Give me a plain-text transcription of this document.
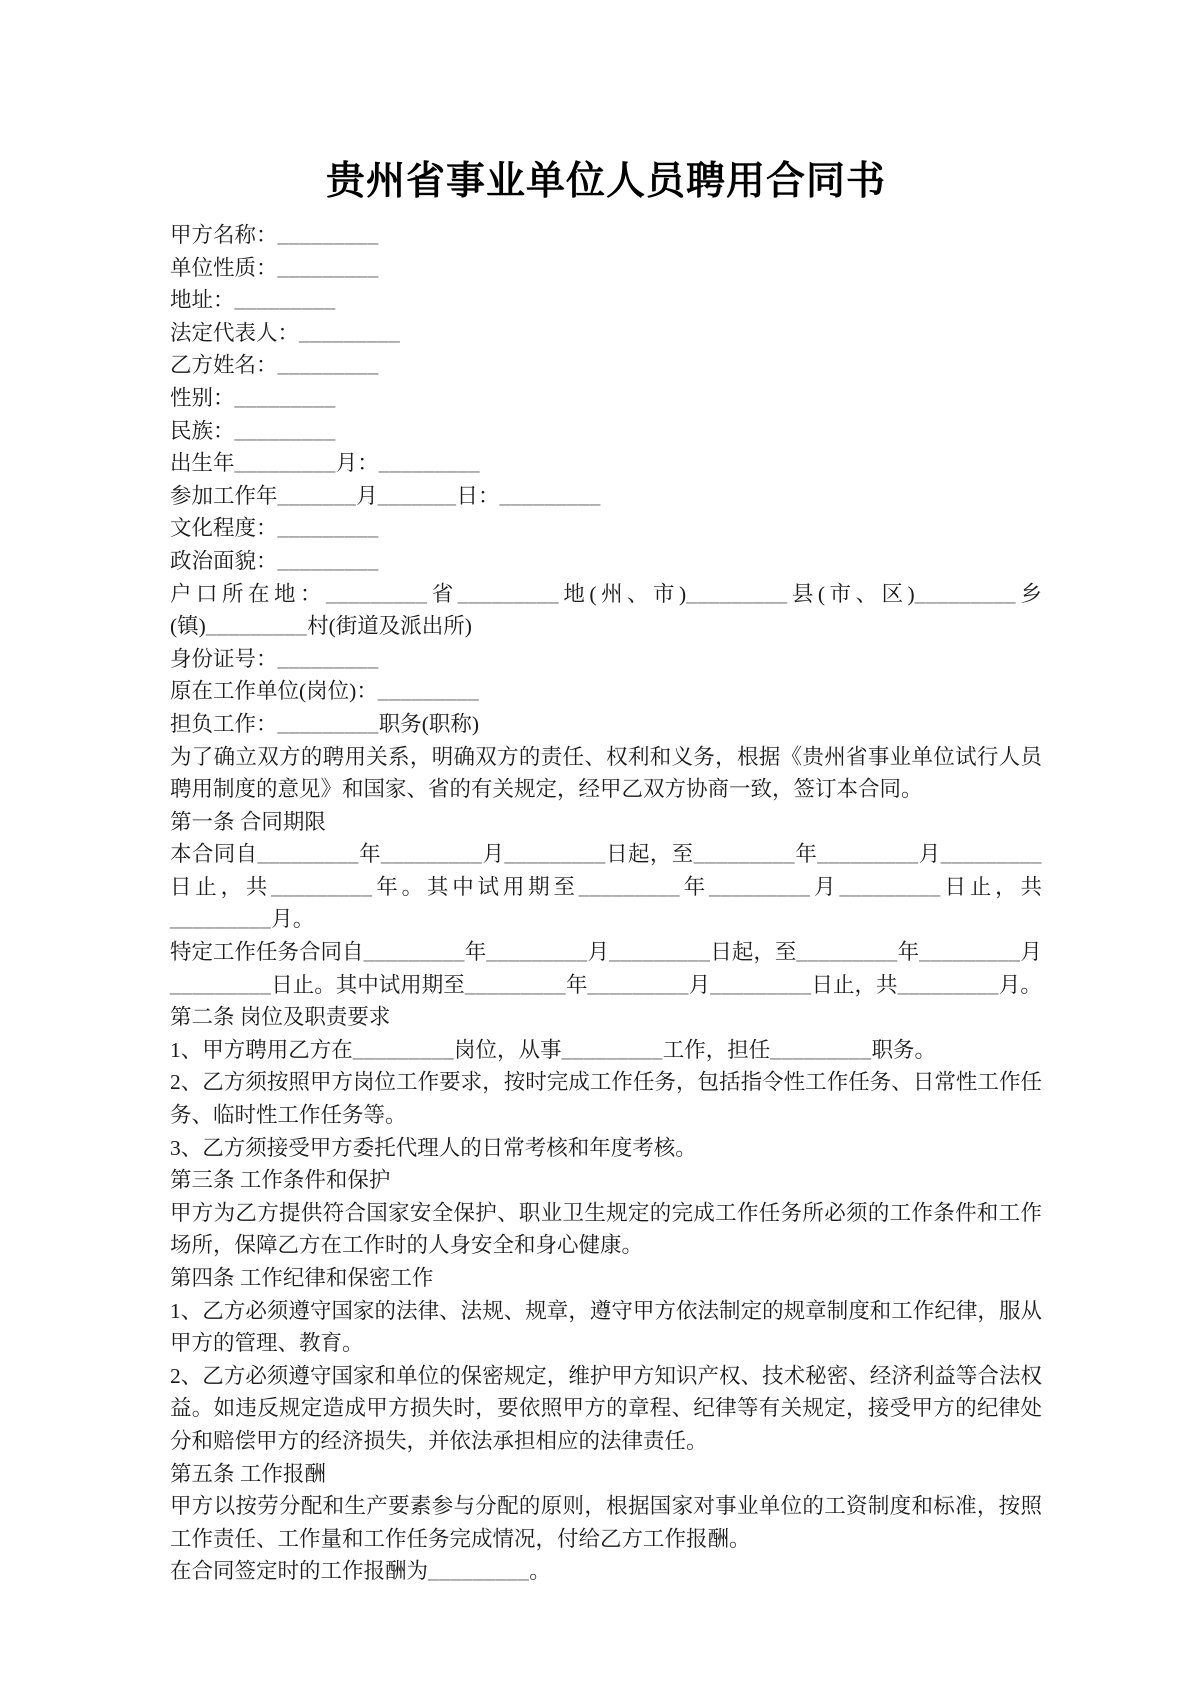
贵州省事业单位人员聘用合同书

甲方名称：_________

单位性质：_________

地址：_________

法定代表人：_________

乙方姓名：_________

性别：_________

民族：_________

出生年_________月：_________

参加工作年_______月_______日：_________

文化程度：_________

政治面貌：_________

户口所在地：_________省_________地(州、市)_________县(市、区)_________乡(镇)_________村(街道及派出所)

身份证号：_________

原在工作单位(岗位)：_________

担负工作：_________职务(职称)

为了确立双方的聘用关系，明确双方的责任、权利和义务，根据《贵州省事业单位试行人员聘用制度的意见》和国家、省的有关规定，经甲乙双方协商一致，签订本合同。

第一条 合同期限

本合同自_________年_________月_________日起，至_________年_________月_________日止，共_________年。其中试用期至_________年_________月_________日止，共_________月。

特定工作任务合同自_________年_________月_________日起，至_________年_________月_________日止。其中试用期至_________年_________月_________日止，共_________月。

第二条 岗位及职责要求

1、甲方聘用乙方在_________岗位，从事_________工作，担任_________职务。

2、乙方须按照甲方岗位工作要求，按时完成工作任务，包括指令性工作任务、日常性工作任务、临时性工作任务等。

3、乙方须接受甲方委托代理人的日常考核和年度考核。

第三条 工作条件和保护

甲方为乙方提供符合国家安全保护、职业卫生规定的完成工作任务所必须的工作条件和工作场所，保障乙方在工作时的人身安全和身心健康。

第四条 工作纪律和保密工作

1、乙方必须遵守国家的法律、法规、规章，遵守甲方依法制定的规章制度和工作纪律，服从甲方的管理、教育。

2、乙方必须遵守国家和单位的保密规定，维护甲方知识产权、技术秘密、经济利益等合法权益。如违反规定造成甲方损失时，要依照甲方的章程、纪律等有关规定，接受甲方的纪律处分和赔偿甲方的经济损失，并依法承担相应的法律责任。

第五条 工作报酬

甲方以按劳分配和生产要素参与分配的原则，根据国家对事业单位的工资制度和标准，按照工作责任、工作量和工作任务完成情况，付给乙方工作报酬。

在合同签定时的工作报酬为_________。
